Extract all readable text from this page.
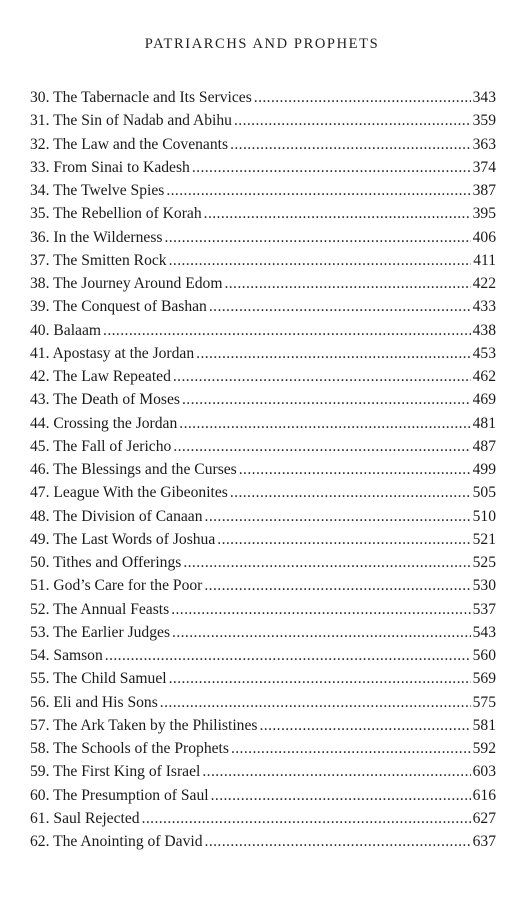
PATRIARCHS AND PROPHETS
30. The Tabernacle and Its Services .....	343
31. The Sin of Nadab and Abihu .....	359
32. The Law and the Covenants .....	363
33. From Sinai to Kadesh .....	374
34. The Twelve Spies .....	387
35. The Rebellion of Korah .....	395
36. In the Wilderness .....	406
37. The Smitten Rock .....	411
38. The Journey Around Edom .....	422
39. The Conquest of Bashan .....	433
40. Balaam .....	438
41. Apostasy at the Jordan .....	453
42. The Law Repeated .....	462
43. The Death of Moses .....	469
44. Crossing the Jordan .....	481
45. The Fall of Jericho .....	487
46. The Blessings and the Curses .....	499
47. League With the Gibeonites .....	505
48. The Division of Canaan .....	510
49. The Last Words of Joshua .....	521
50. Tithes and Offerings .....	525
51. God’s Care for the Poor .....	530
52. The Annual Feasts .....	537
53. The Earlier Judges .....	543
54. Samson .....	560
55. The Child Samuel .....	569
56. Eli and His Sons .....	575
57. The Ark Taken by the Philistines .....	581
58. The Schools of the Prophets .....	592
59. The First King of Israel .....	603
60. The Presumption of Saul .....	616
61. Saul Rejected .....	627
62. The Anointing of David .....	637
